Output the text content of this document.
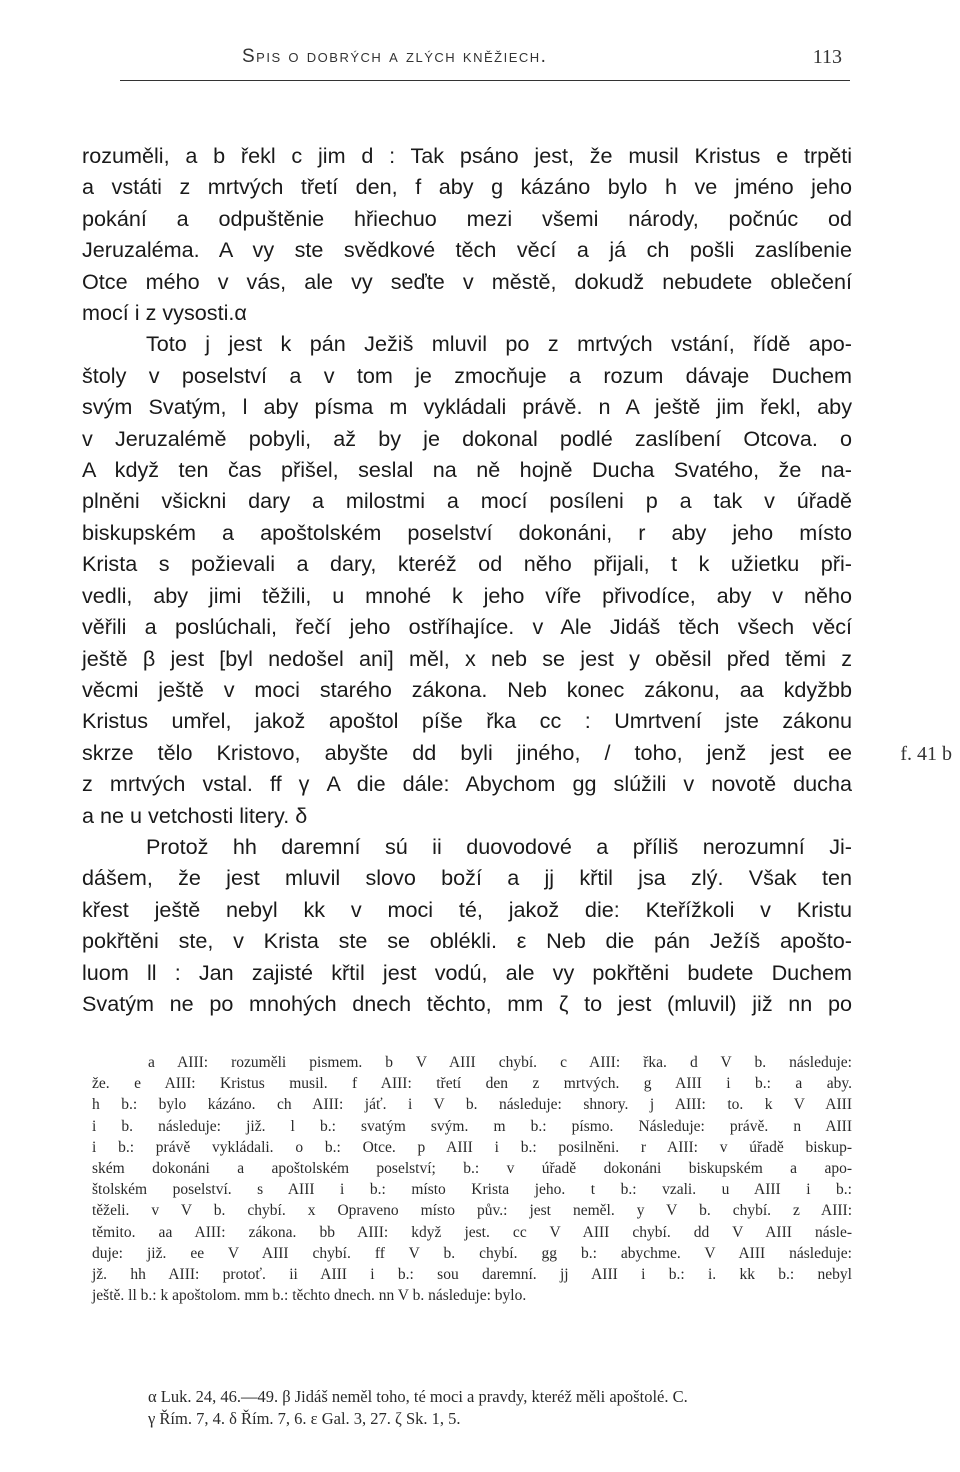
Spis o dobrých a zlých kněžiech.	113
rozuměli, a b řekl c jim d : Tak psáno jest, že musil Kristus e trpěti
a vstáti z mrtvých třetí den, f aby g kázáno bylo h ve jméno jeho
pokání a odpuštěnie hřiechuo mezi všemi národy, počnúc od
Jeruzaléma. A vy ste svědkové těch věcí a já ch pošli zaslíbenie
Otce mého v vás, ale vy seďte v městě, dokudž nebudete oblečení
mocí i z vysosti.α
Toto j jest k pán Ježiš mluvil po z mrtvých vstání, řídě apo-
štoly v poselství a v tom je zmocňuje a rozum dávaje Duchem
svým Svatým, l aby písma m vykládali právě. n A ještě jim řekl, aby
v Jeruzalémě pobyli, až by je dokonal podlé zaslíbení Otcova. o
A když ten čas přišel, seslal na ně hojně Ducha Svatého, že na-
plněni všickni dary a milostmi a mocí posíleni p a tak v úřadě
biskupském a apoštolském poselství dokonáni, r aby jeho místo
Krista s požievali a dary, kteréž od něho přijali, t k užietku při-
vedli, aby jimi těžili, u mnohé k jeho víře přivodíce, aby v něho
věřili a poslúchali, řečí jeho ostříhajíce. v Ale Jidáš těch všech věcí
ještě β jest [byl nedošel ani] měl, x neb se jest y oběsil před těmi z
věcmi ještě v moci starého zákona. Neb konec zákonu, aa kdyžbb
Kristus umřel, jakož apoštol píše řka cc : Umrtvení jste zákonu
skrze tělo Kristovo, abyšte dd byli jiného, / toho, jenž jest ee
z mrtvých vstal. ff γ A die dále: Abychom gg slúžili v novotě ducha
a ne u vetchosti litery. δ
Protož hh daremní sú ii duovodové a příliš nerozumní Ji-
dášem, že jest mluvil slovo boží a jj křtil jsa zlý. Však ten
křest ještě nebyl kk v moci té, jakož die: Kteřížkoli v Kristu
pokřtěni ste, v Krista ste se oblékli. ε Neb die pán Ježíš apošto-
luom ll : Jan zajisté křtil jest vodú, ale vy pokřtěni budete Duchem
Svatým ne po mnohých dnech těchto, mm ζ to jest (mluvil) již nn po
f. 41 b
a AIII: rozuměli pismem. b V AIII chybí. c AIII: řka. d V b. následuje:
že. e AIII: Kristus musil. f AIII: třetí den z mrtvých. g AIII i b.: a aby.
h b.: bylo kázáno. ch AIII: jáť. i V b. následuje: shnory. j AIII: to. k V AIII
i b. následuje: již. l b.: svatým svým. m b.: písmo. Následuje: právě. n AIII
i b.: právě vykládali. o b.: Otce. p AIII i b.: posilněni. r AIII: v úřadě biskup-
ském dokonáni a apoštolském poselství; b.: v úřadě dokonáni biskupském a apo-
štolském poselství. s AIII i b.: místo Krista jeho. t b.: vzali. u AIII i b.:
těželi. v V b. chybí. x Opraveno místo pův.: jest neměl. y V b. chybí. z AIII:
těmito. aa AIII: zákona. bb AIII: když jest. cc V AIII chybí. dd V AIII násle-
duje: již. ee V AIII chybí. ff V b. chybí. gg b.: abychme. V AIII následuje:
jž. hh AIII: protoť. ii AIII i b.: sou daremní. jj AIII i b.: i. kk b.: nebyl
ještě. ll b.: k apoštolom. mm b.: těchto dnech. nn V b. následuje: bylo.
α Luk. 24, 46.—49. β Jidáš neměl toho, té moci a pravdy, kteréž měli apoštolé. C.
γ Řím. 7, 4. δ Řím. 7, 6. ε Gal. 3, 27. ζ Sk. 1, 5.
